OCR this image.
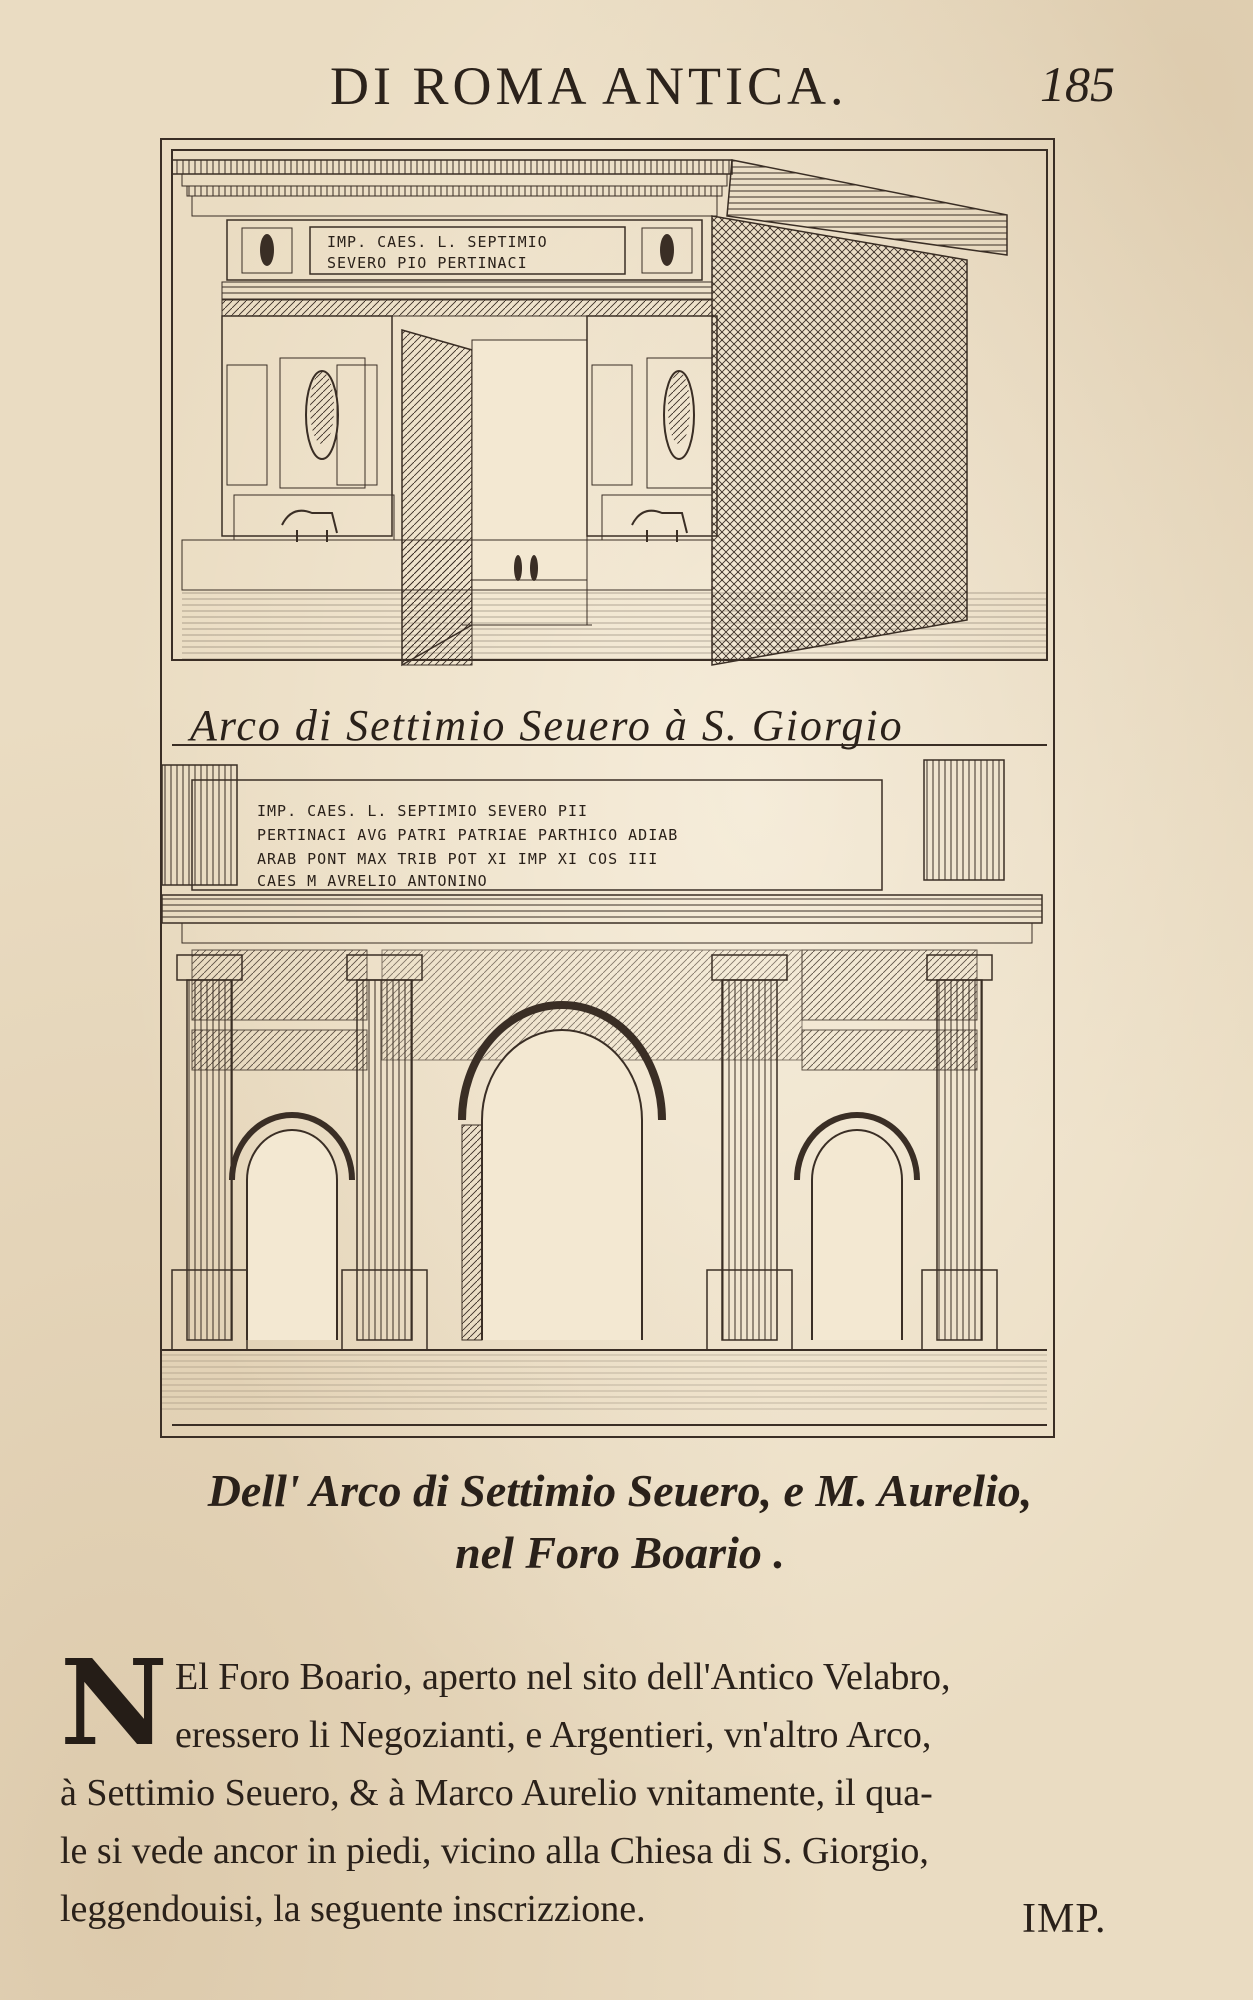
DI ROMA ANTICA.	185
IMP. CAES. L. SEPTIMIO
SEVERO PIO PERTINACI
IMP. CAES. L. SEPTIMIO SEVERO PII
PERTINACI AVG PATRI PATRIAE PARTHICO ADIAB
ARAB PONT MAX TRIB POT XI IMP XI COS III
CAES M AVRELIO ANTONINO
Arco di Settimio Seuero à S. Giorgio
Dell' Arco di Settimio Seuero, e M. Aurelio,
nel Foro Boario .
N El Foro Boario, aperto nel sito dell'Antico Velabro,
eressero li Negozianti, e Argentieri, vn'altro Arco,
à Settimio Seuero, & à Marco Aurelio vnitamente, il qua-
le si vede ancor in piedi, vicino alla Chiesa di S. Giorgio,
leggendouisi, la seguente inscrizzione.	IMP.
